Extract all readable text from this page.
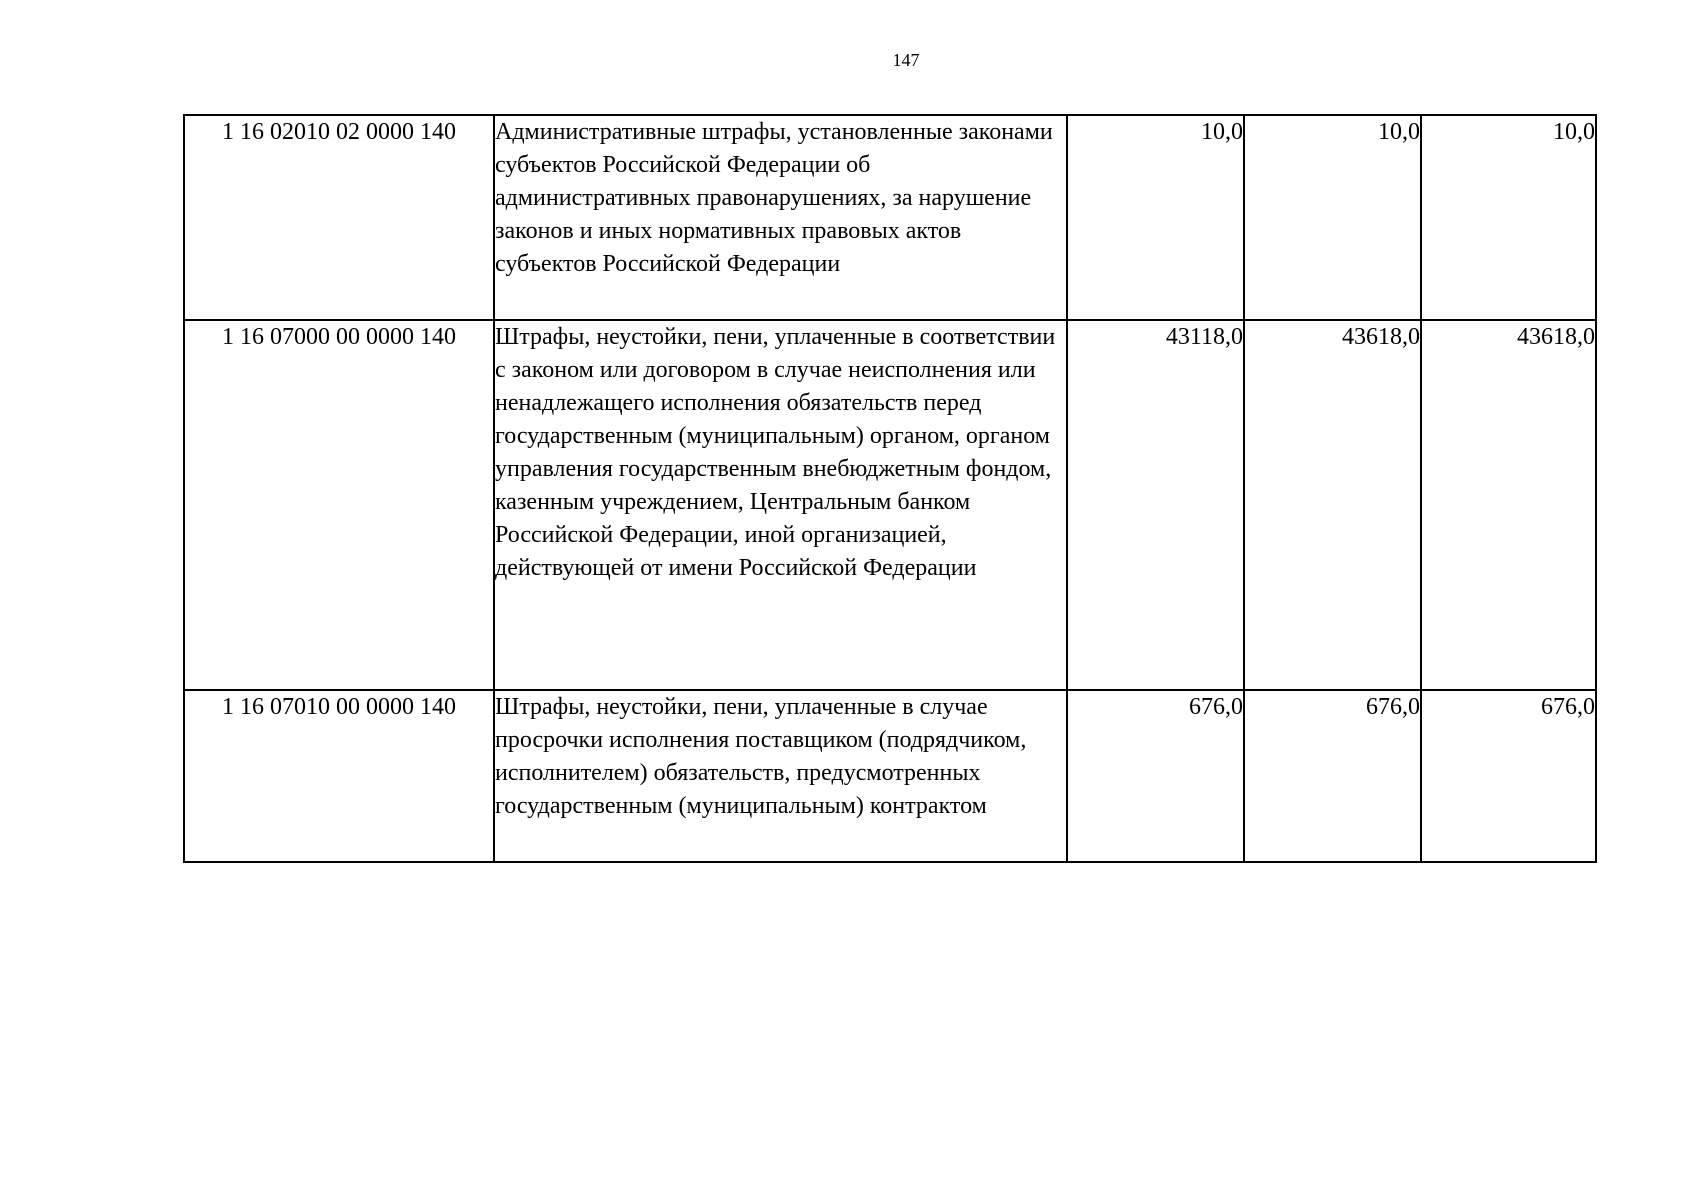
147
1 16 02010 02 0000 140	Административные штрафы, установленные законами субъектов Российской Федерации об административных правонарушениях, за нарушение законов и иных нормативных правовых актов субъектов Российской Федерации	10,0	10,0	10,0
1 16 07000 00 0000 140	Штрафы, неустойки, пени, уплаченные в соответствии с законом или договором в случае неисполнения или ненадлежащего исполнения обязательств перед государственным (муниципальным) органом, органом управления государственным внебюджетным фондом, казенным учреждением, Центральным банком Российской Федерации, иной организацией, действующей от имени Российской Федерации	43118,0	43618,0	43618,0
1 16 07010 00 0000 140	Штрафы, неустойки, пени, уплаченные в случае просрочки исполнения поставщиком (подрядчиком, исполнителем) обязательств, предусмотренных государственным (муниципальным) контрактом	676,0	676,0	676,0
